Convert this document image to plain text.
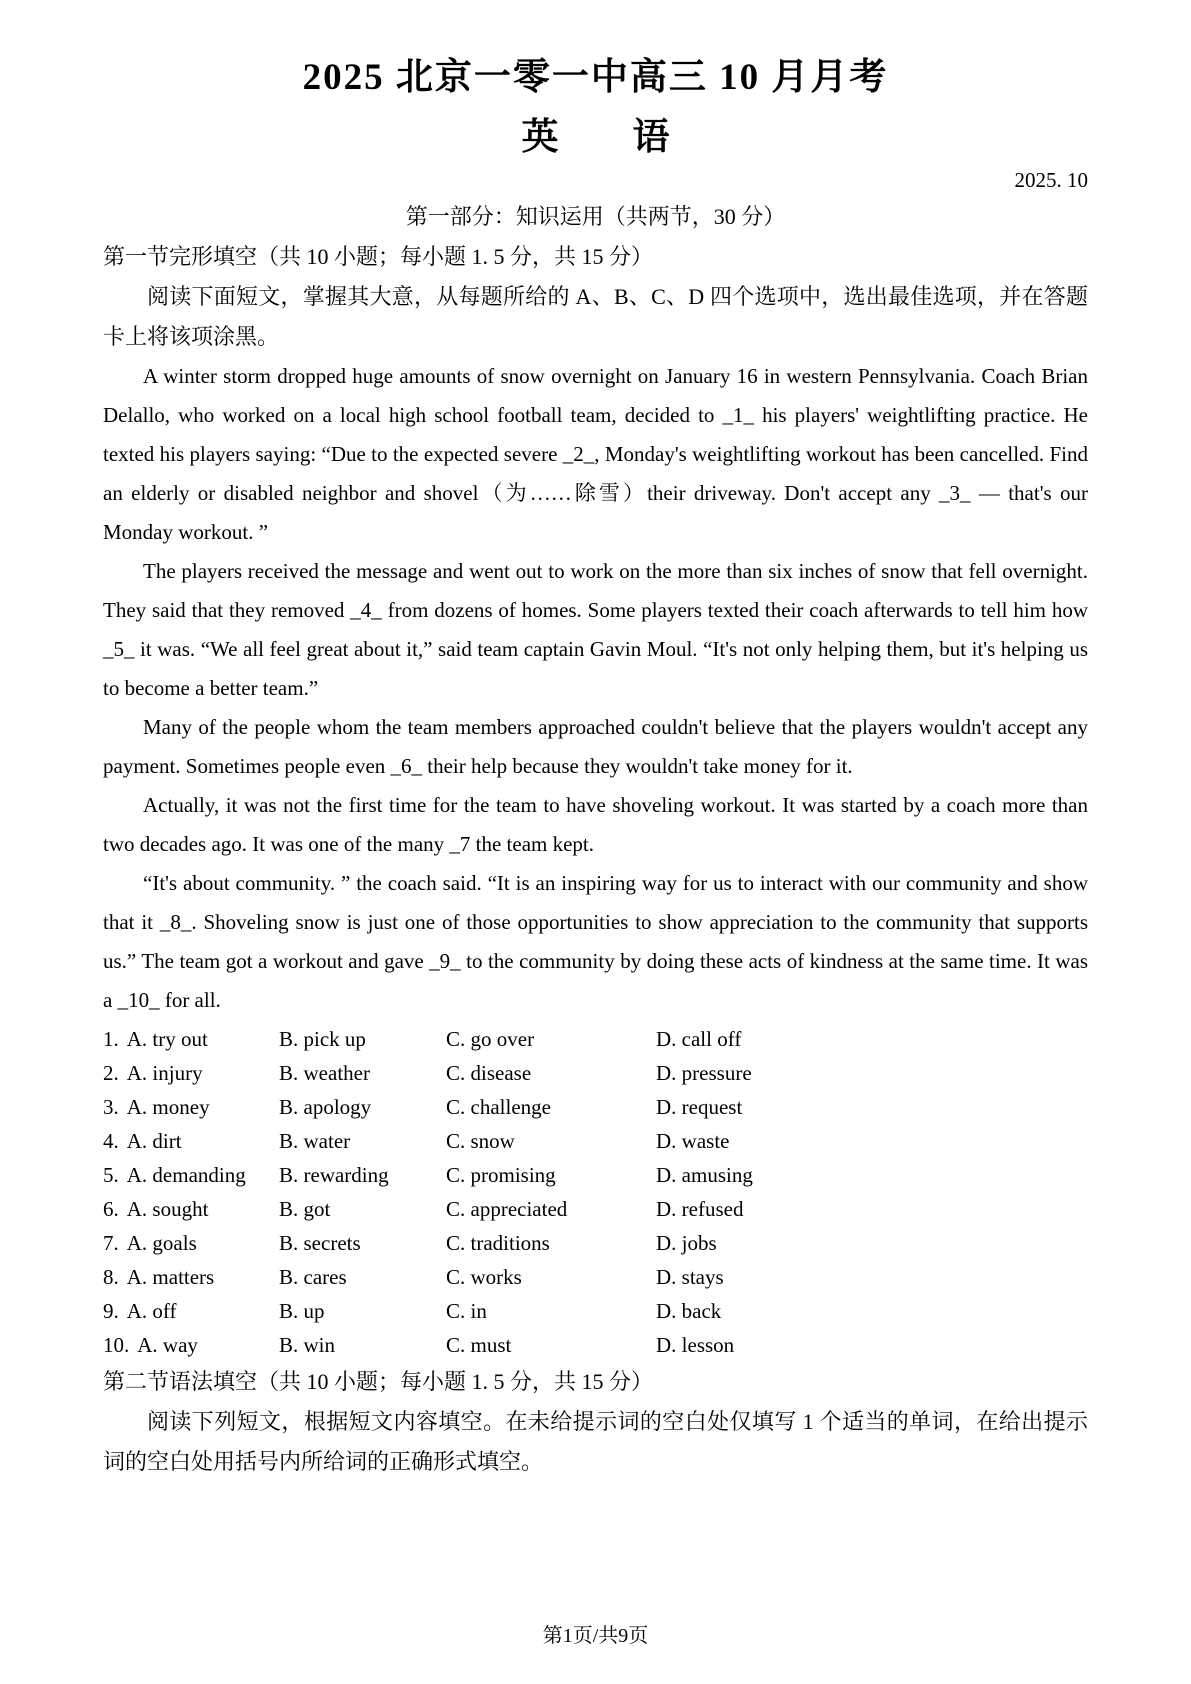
2025 北京一零一中高三 10 月月考
英　　语
2025. 10
第一部分：知识运用（共两节，30 分）
第一节完形填空（共 10 小题；每小题 1. 5 分，共 15 分）

阅读下面短文，掌握其大意，从每题所给的 A、B、C、D 四个选项中，选出最佳选项，并在答题卡上将该项涂黑。

A winter storm dropped huge amounts of snow overnight on January 16 in western Pennsylvania. Coach Brian Delallo, who worked on a local high school football team, decided to _1_ his players' weightlifting practice. He texted his players saying: “Due to the expected severe _2_, Monday's weightlifting workout has been cancelled. Find an elderly or disabled neighbor and shovel（为……除雪）their driveway. Don't accept any _3_ — that's our Monday workout. ”

The players received the message and went out to work on the more than six inches of snow that fell overnight. They said that they removed _4_ from dozens of homes. Some players texted their coach afterwards to tell him how _5_ it was. “We all feel great about it,” said team captain Gavin Moul. “It's not only helping them, but it's helping us to become a better team.”

Many of the people whom the team members approached couldn't believe that the players wouldn't accept any payment. Sometimes people even _6_ their help because they wouldn't take money for it.

Actually, it was not the first time for the team to have shoveling workout. It was started by a coach more than two decades ago. It was one of the many _7 the team kept.

“It's about community. ” the coach said. “It is an inspiring way for us to interact with our community and show that it _8_. Shoveling snow is just one of those opportunities to show appreciation to the community that supports us.” The team got a workout and gave _9_ to the community by doing these acts of kindness at the same time. It was a _10_ for all.

1. A. try out	B. pick up	C. go over	D. call off
2. A. injury	B. weather	C. disease	D. pressure
3. A. money	B. apology	C. challenge	D. request
4. A. dirt	B. water	C. snow	D. waste
5. A. demanding	B. rewarding	C. promising	D. amusing
6. A. sought	B. got	C. appreciated	D. refused
7. A. goals	B. secrets	C. traditions	D. jobs
8. A. matters	B. cares	C. works	D. stays
9. A. off	B. up	C. in	D. back
10. A. way	B. win	C. must	D. lesson
第二节语法填空（共 10 小题；每小题 1. 5 分，共 15 分）

阅读下列短文，根据短文内容填空。在未给提示词的空白处仅填写 1 个适当的单词，在给出提示词的空白处用括号内所给词的正确形式填空。

第1页/共9页
